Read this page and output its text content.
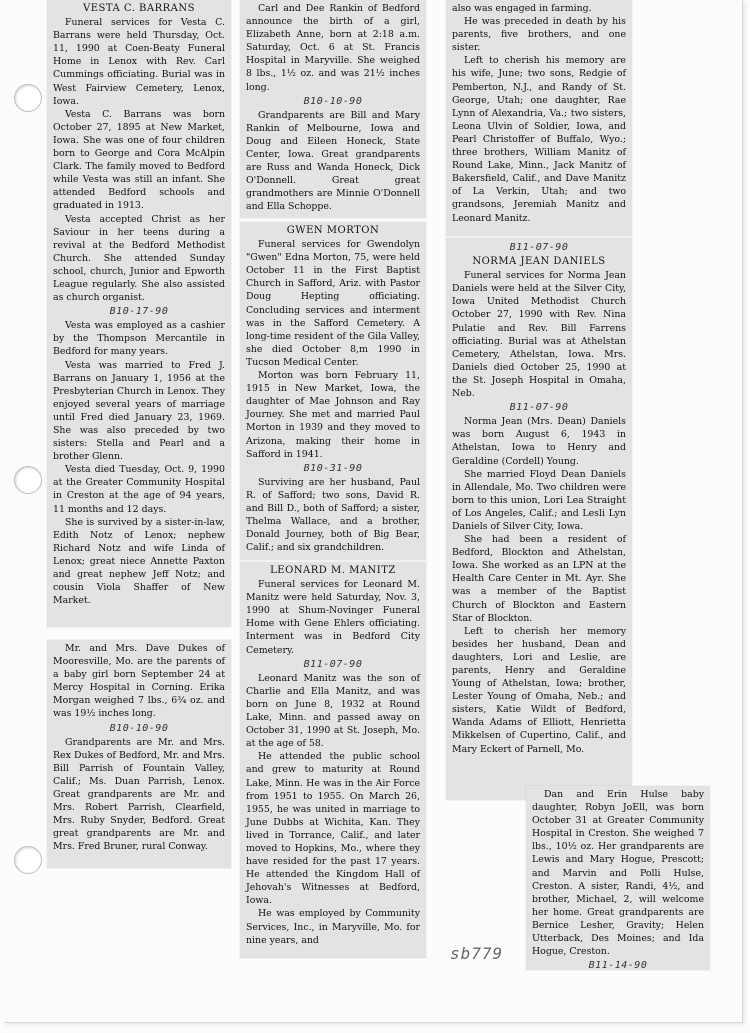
VESTA C. BARRANS

Funeral services for Vesta C. Barrans were held Thursday, Oct. 11, 1990 at Coen-Beaty Funeral Home in Lenox with Rev. Carl Cummings officiating. Burial was in West Fairview Cemetery, Lenox, Iowa.

Vesta C. Barrans was born October 27, 1895 at New Market, Iowa. She was one of four children born to George and Cora McAlpin Clark. The family moved to Bedford while Vesta was still an infant. She attended Bedford schools and graduated in 1913.

Vesta accepted Christ as her Saviour in her teens during a revival at the Bedford Methodist Church. She attended Sunday school, church, Junior and Epworth League regularly. She also assisted as church organist.

B10-17-90

Vesta was employed as a cashier by the Thompson Mercantile in Bedford for many years.

Vesta was married to Fred J. Barrans on January 1, 1956 at the Presbyterian Church in Lenox. They enjoyed several years of marriage until Fred died January 23, 1969. She was also preceded by two sisters: Stella and Pearl and a brother Glenn.

Vesta died Tuesday, Oct. 9, 1990 at the Greater Community Hospital in Creston at the age of 94 years, 11 months and 12 days.

She is survived by a sister-in-law, Edith Notz of Lenox; nephew Richard Notz and wife Linda of Lenox; great niece Annette Paxton and great nephew Jeff Notz; and cousin Viola Shaffer of New Market.

Mr. and Mrs. Dave Dukes of Mooresville, Mo. are the parents of a baby girl born September 24 at Mercy Hospital in Corning. Erika Morgan weighed 7 lbs., 6¾ oz. and was 19½ inches long.

B10-10-90

Grandparents are Mr. and Mrs. Rex Dukes of Bedford, Mr. and Mrs. Bill Parrish of Fountain Valley, Calif.; Ms. Duan Parrish, Lenox. Great grandparents are Mr. and Mrs. Robert Parrish, Clearfield, Mrs. Ruby Snyder, Bedford. Great great grandparents are Mr. and Mrs. Fred Bruner, rural Conway.

Carl and Dee Rankin of Bedford announce the birth of a girl, Elizabeth Anne, born at 2:18 a.m. Saturday, Oct. 6 at St. Francis Hospital in Maryville. She weighed 8 lbs., 1½ oz. and was 21½ inches long.

B10-10-90

Grandparents are Bill and Mary Rankin of Melbourne, Iowa and Doug and Eileen Honeck, State Center, Iowa. Great grandparents are Russ and Wanda Honeck, Dick O'Donnell. Great great grandmothers are Minnie O'Donnell and Ella Schoppe.

GWEN MORTON

Funeral services for Gwendolyn "Gwen" Edna Morton, 75, were held October 11 in the First Baptist Church in Safford, Ariz. with Pastor Doug Hepting officiating. Concluding services and interment was in the Safford Cemetery. A long-time resident of the Gila Valley, she died October 8,m 1990 in Tucson Medical Center.

Morton was born February 11, 1915 in New Market, Iowa, the daughter of Mae Johnson and Ray Journey. She met and married Paul Morton in 1939 and they moved to Arizona, making their home in Safford in 1941.

B10-31-90

Surviving are her husband, Paul R. of Safford; two sons, David R. and Bill D., both of Safford; a sister, Thelma Wallace, and a brother, Donald Journey, both of Big Bear, Calif.; and six grandchildren.

LEONARD M. MANITZ

Funeral services for Leonard M. Manitz were held Saturday, Nov. 3, 1990 at Shum-Novinger Funeral Home with Gene Ehlers officiating. Interment was in Bedford City Cemetery.

B11-07-90

Leonard Manitz was the son of Charlie and Ella Manitz, and was born on June 8, 1932 at Round Lake, Minn. and passed away on October 31, 1990 at St. Joseph, Mo. at the age of 58.

He attended the public school and grew to maturity at Round Lake, Minn. He was in the Air Force from 1951 to 1955. On March 26, 1955, he was united in marriage to June Dubbs at Wichita, Kan. They lived in Torrance, Calif., and later moved to Hopkins, Mo., where they have resided for the past 17 years. He attended the Kingdom Hall of Jehovah's Witnesses at Bedford, Iowa.

He was employed by Community Services, Inc., in Maryville, Mo. for nine years, and

also was engaged in farming.

He was preceded in death by his parents, five brothers, and one sister.

Left to cherish his memory are his wife, June; two sons, Redgie of Pemberton, N.J., and Randy of St. George, Utah; one daughter, Rae Lynn of Alexandria, Va.; two sisters, Leona Ulvin of Soldier, Iowa, and Pearl Christoffer of Buffalo, Wyo.; three brothers, William Manitz of Round Lake, Minn., Jack Manitz of Bakersfield, Calif., and Dave Manitz of La Verkin, Utah; and two grandsons, Jeremiah Manitz and Leonard Manitz.

B11-07-90
NORMA JEAN DANIELS

Funeral services for Norma Jean Daniels were held at the Silver City, Iowa United Methodist Church October 27, 1990 with Rev. Nina Pulatie and Rev. Bill Farrens officiating. Burial was at Athelstan Cemetery, Athelstan, Iowa. Mrs. Daniels died October 25, 1990 at the St. Joseph Hospital in Omaha, Neb.

B11-07-90

Norma Jean (Mrs. Dean) Daniels was born August 6, 1943 in Athelstan, Iowa to Henry and Geraldine (Cordell) Young.

She married Floyd Dean Daniels in Allendale, Mo. Two children were born to this union, Lori Lea Straight of Los Angeles, Calif.; and Lesli Lyn Daniels of Silver City, Iowa.

She had been a resident of Bedford, Blockton and Athelstan, Iowa. She worked as an LPN at the Health Care Center in Mt. Ayr. She was a member of the Baptist Church of Blockton and Eastern Star of Blockton.

Left to cherish her memory besides her husband, Dean and daughters, Lori and Leslie, are parents, Henry and Geraldine Young of Athelstan, Iowa; brother, Lester Young of Omaha, Neb.; and sisters, Katie Wildt of Bedford, Wanda Adams of Elliott, Henrietta Mikkelsen of Cupertino, Calif., and Mary Eckert of Parnell, Mo.

Dan and Erin Hulse baby daughter, Robyn JoEll, was born October 31 at Greater Community Hospital in Creston. She weighed 7 lbs., 10½ oz. Her grandparents are Lewis and Mary Hogue, Prescott; and Marvin and Polli Hulse, Creston. A sister, Randi, 4½, and brother, Michael, 2, will welcome her home. Great grandparents are Bernice Lesher, Gravity; Helen Utterback, Des Moines; and Ida Hogue, Creston.

B11-14-90
sb779
